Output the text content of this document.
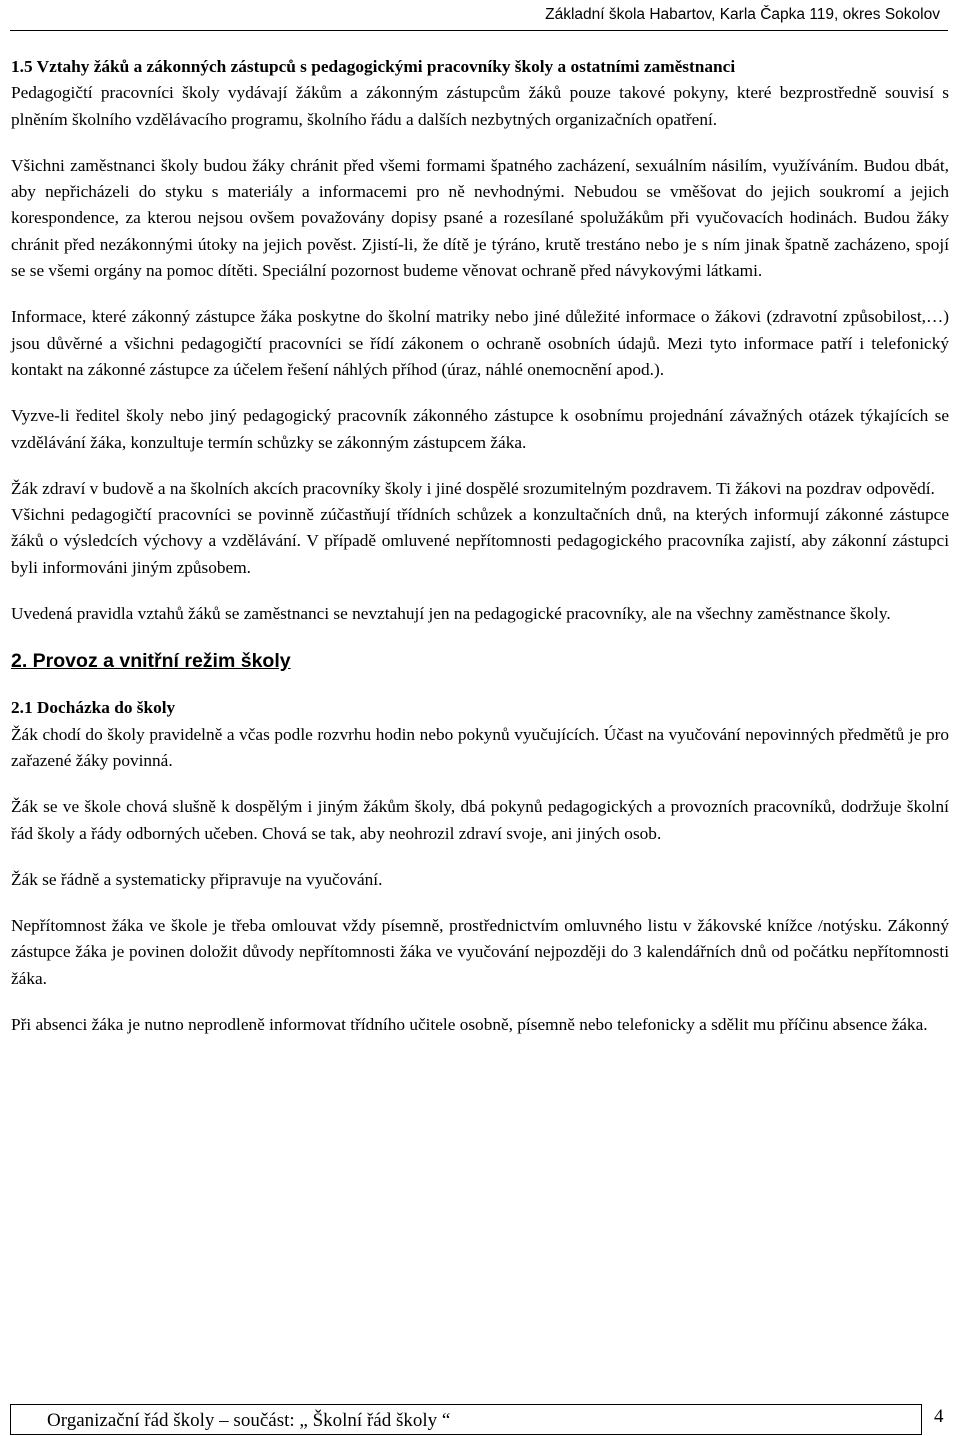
Základní škola Habartov, Karla Čapka 119, okres Sokolov

1.5 Vztahy žáků a zákonných zástupců s pedagogickými pracovníky školy a ostatními zaměstnanci

Pedagogičtí pracovníci školy vydávají žákům a zákonným zástupcům žáků pouze takové pokyny, které bezprostředně souvisí s plněním školního vzdělávacího programu, školního řádu a dalších nezbytných organizačních opatření.

Všichni zaměstnanci školy budou žáky chránit před všemi formami špatného zacházení, sexuálním násilím, využíváním. Budou dbát, aby nepřicházeli do styku s materiály a informacemi pro ně nevhodnými. Nebudou se vměšovat do jejich soukromí a jejich korespondence, za kterou nejsou ovšem považovány dopisy psané a rozesílané spolužákům při vyučovacích hodinách. Budou žáky chránit před nezákonnými útoky na jejich pověst. Zjistí-li, že dítě je týráno, krutě trestáno nebo je s ním jinak špatně zacházeno, spojí se se všemi orgány na pomoc dítěti. Speciální pozornost budeme věnovat ochraně před návykovými látkami.

Informace, které zákonný zástupce žáka poskytne do školní matriky nebo jiné důležité informace o žákovi (zdravotní způsobilost,…) jsou důvěrné a všichni pedagogičtí pracovníci se řídí zákonem o ochraně osobních údajů. Mezi tyto informace patří i telefonický kontakt na zákonné zástupce za účelem řešení náhlých příhod (úraz, náhlé onemocnění apod.).

Vyzve-li ředitel školy nebo jiný pedagogický pracovník zákonného zástupce k osobnímu projednání závažných otázek týkajících se vzdělávání žáka, konzultuje termín schůzky se zákonným zástupcem žáka.

Žák zdraví v budově a na školních akcích pracovníky školy i jiné dospělé srozumitelným pozdravem. Ti žákovi na pozdrav odpovědí.

Všichni pedagogičtí pracovníci se povinně zúčastňují třídních schůzek a konzultačních dnů, na kterých informují zákonné zástupce žáků o výsledcích výchovy a vzdělávání. V případě omluvené nepřítomnosti pedagogického pracovníka zajistí, aby zákonní zástupci byli informováni jiným způsobem.

Uvedená pravidla vztahů žáků se zaměstnanci se nevztahují jen na pedagogické pracovníky, ale na všechny zaměstnance školy.

2. Provoz a vnitřní režim školy

2.1 Docházka do školy

Žák chodí do školy pravidelně a včas podle rozvrhu hodin nebo pokynů vyučujících. Účast na vyučování nepovinných předmětů je pro zařazené žáky povinná.

Žák se ve škole chová slušně k dospělým i jiným žákům školy, dbá pokynů pedagogických a provozních pracovníků, dodržuje školní řád školy a řády odborných učeben. Chová se tak, aby neohrozil zdraví svoje, ani jiných osob.

Žák se řádně a systematicky připravuje na vyučování.

Nepřítomnost žáka ve škole je třeba omlouvat vždy písemně, prostřednictvím omluvného listu v žákovské knížce /notýsku. Zákonný zástupce žáka je povinen doložit důvody nepřítomnosti žáka ve vyučování nejpozději do 3 kalendářních dnů od počátku nepřítomnosti žáka.

Při absenci žáka je nutno neprodleně informovat třídního učitele osobně, písemně nebo telefonicky a sdělit mu příčinu absence žáka.

Organizační řád školy – součást: „ Školní řád školy “	4
